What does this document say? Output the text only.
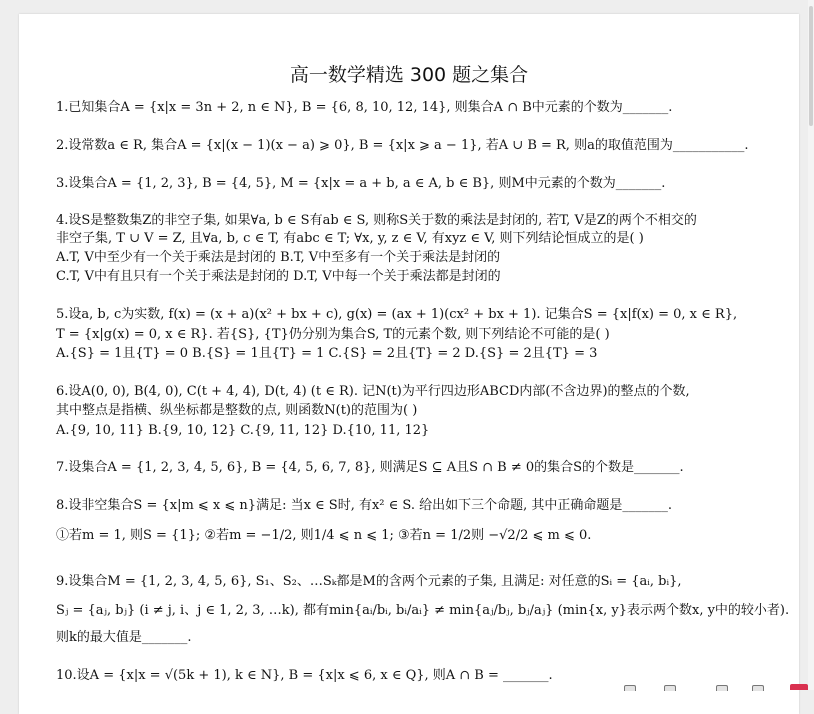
高一数学精选 300 题之集合
1.已知集合A = {x|x = 3n + 2, n ∈ N}, B = {6, 8, 10, 12, 14}, 则集合A ∩ B中元素的个数为_______.
2.设常数a ∈ R, 集合A = {x|(x − 1)(x − a) ⩾ 0}, B = {x|x ⩾ a − 1}, 若A ∪ B = R, 则a的取值范围为___________.
3.设集合A = {1, 2, 3}, B = {4, 5}, M = {x|x = a + b, a ∈ A, b ∈ B}, 则M中元素的个数为_______.
4.设S是整数集Z的非空子集, 如果∀a, b ∈ S有ab ∈ S, 则称S关于数的乘法是封闭的, 若T, V是Z的两个不相交的
非空子集, T ∪ V = Z, 且∀a, b, c ∈ T, 有abc ∈ T; ∀x, y, z ∈ V, 有xyz ∈ V, 则下列结论恒成立的是( )
A.T, V中至少有一个关于乘法是封闭的 B.T, V中至多有一个关于乘法是封闭的
C.T, V中有且只有一个关于乘法是封闭的 D.T, V中每一个关于乘法都是封闭的
5.设a, b, c为实数, f(x) = (x + a)(x² + bx + c), g(x) = (ax + 1)(cx² + bx + 1). 记集合S = {x|f(x) = 0, x ∈ R},
T = {x|g(x) = 0, x ∈ R}. 若{S}, {T}仍分别为集合S, T的元素个数, 则下列结论不可能的是( )
A.{S} = 1且{T} = 0 B.{S} = 1且{T} = 1 C.{S} = 2且{T} = 2 D.{S} = 2且{T} = 3
6.设A(0, 0), B(4, 0), C(t + 4, 4), D(t, 4) (t ∈ R). 记N(t)为平行四边形ABCD内部(不含边界)的整点的个数,
其中整点是指横、纵坐标都是整数的点, 则函数N(t)的范围为( )
A.{9, 10, 11} B.{9, 10, 12} C.{9, 11, 12} D.{10, 11, 12}
7.设集合A = {1, 2, 3, 4, 5, 6}, B = {4, 5, 6, 7, 8}, 则满足S ⊆ A且S ∩ B ≠ 0的集合S的个数是_______.
8.设非空集合S = {x|m ⩽ x ⩽ n}满足: 当x ∈ S时, 有x² ∈ S. 给出如下三个命题, 其中正确命题是_______.
①若m = 1, 则S = {1}; ②若m = −1/2, 则1/4 ⩽ n ⩽ 1; ③若n = 1/2则 −√2/2 ⩽ m ⩽ 0.
9.设集合M = {1, 2, 3, 4, 5, 6}, S₁、S₂、…Sₖ都是M的含两个元素的子集, 且满足: 对任意的Sᵢ = {aᵢ, bᵢ},
Sⱼ = {aⱼ, bⱼ} (i ≠ j, i、j ∈ 1, 2, 3, …k), 都有min{aᵢ/bᵢ, bᵢ/aᵢ} ≠ min{aⱼ/bⱼ, bⱼ/aⱼ} (min{x, y}表示两个数x, y中的较小者).
则k的最大值是_______.
10.设A = {x|x = √(5k + 1), k ∈ N}, B = {x|x ⩽ 6, x ∈ Q}, 则A ∩ B = _______.
